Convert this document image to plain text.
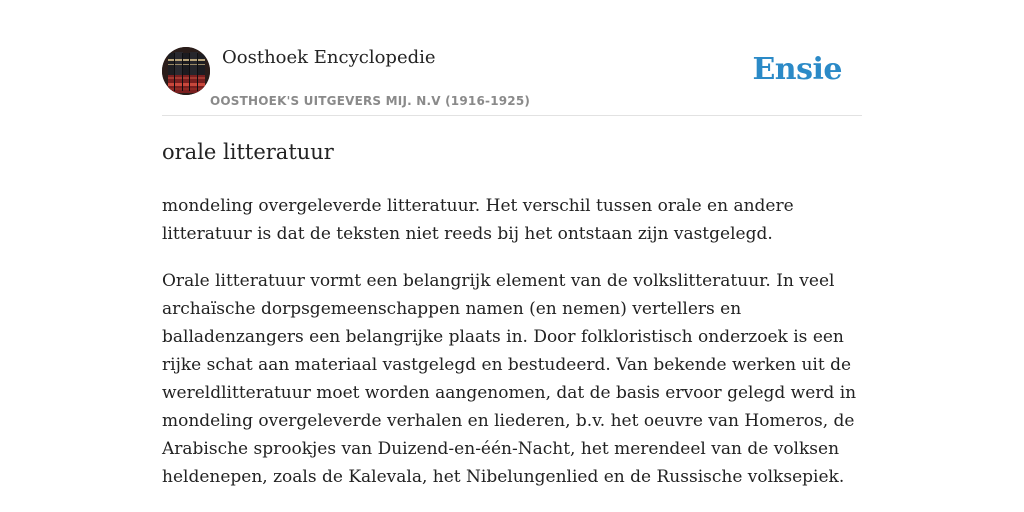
Oosthoek Encyclopedie
OOSTHOEK'S UITGEVERS MIJ. N.V (1916-1925)
Ensie
orale litteratuur

mondeling overgeleverde litteratuur. Het verschil tussen orale en andere litteratuur is dat de teksten niet reeds bij het ontstaan zijn vastgelegd.

Orale litteratuur vormt een belangrijk element van de volkslitteratuur. In veel archaïsche dorpsgemeenschappen namen (en nemen) vertellers en balladenzangers een belangrijke plaats in. Door folkloristisch onderzoek is een rijke schat aan materiaal vastgelegd en bestudeerd. Van bekende werken uit de wereldlitteratuur moet worden aangenomen, dat de basis ervoor gelegd werd in mondeling overgeleverde verhalen en liederen, b.v. het oeuvre van Homeros, de Arabische sprookjes van Duizend-en-één-Nacht, het merendeel van de volksen heldenepen, zoals de Kalevala, het Nibelungenlied en de Russische volksepiek.
